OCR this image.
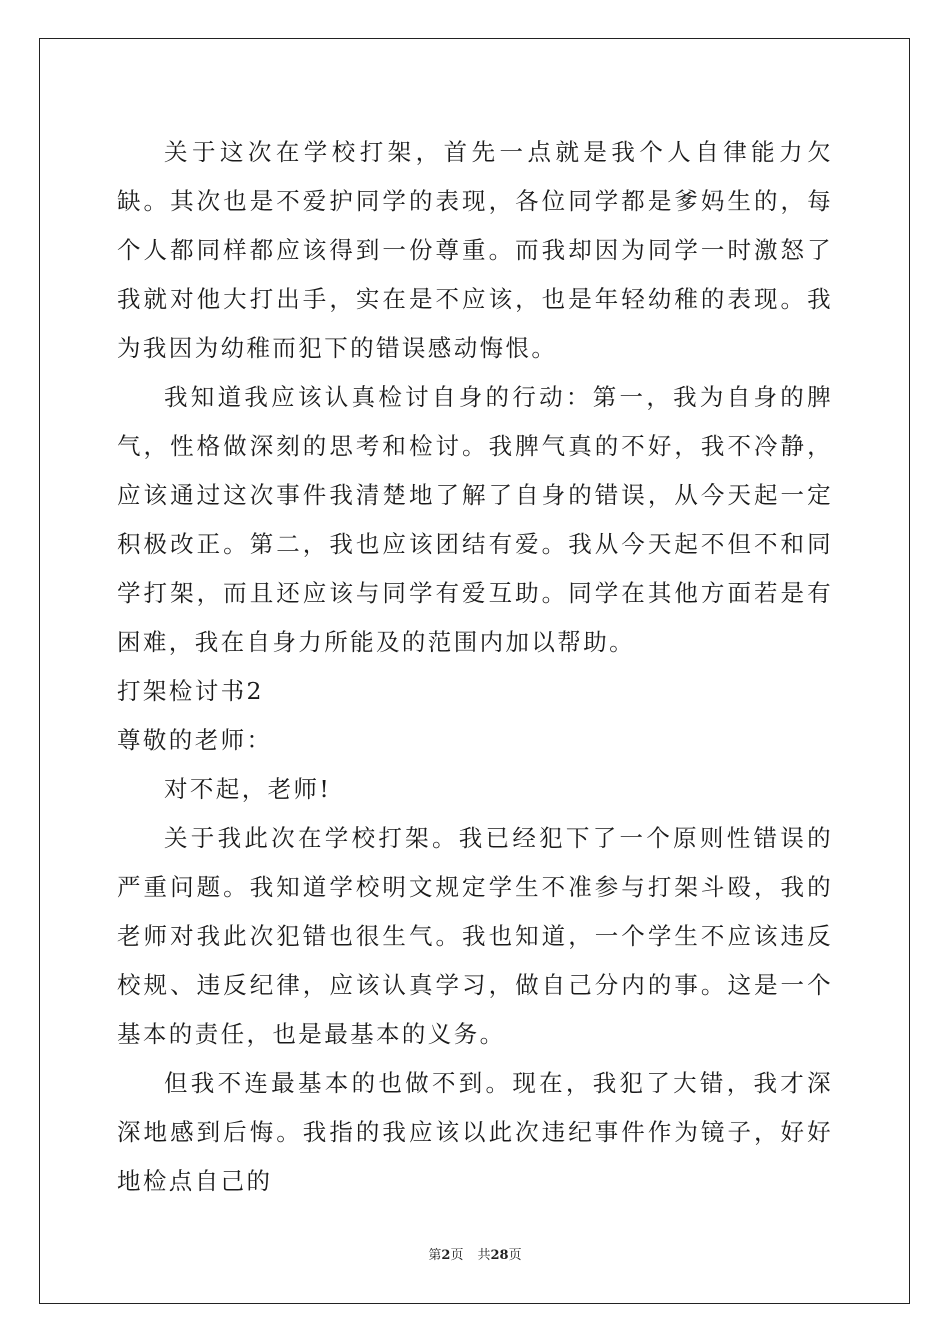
关于这次在学校打架，首先一点就是我个人自律能力欠缺。其次也是不爱护同学的表现，各位同学都是爹妈生的，每个人都同样都应该得到一份尊重。而我却因为同学一时激怒了我就对他大打出手，实在是不应该，也是年轻幼稚的表现。我为我因为幼稚而犯下的错误感动悔恨。

我知道我应该认真检讨自身的行动：第一，我为自身的脾气，性格做深刻的思考和检讨。我脾气真的不好，我不冷静，应该通过这次事件我清楚地了解了自身的错误，从今天起一定积极改正。第二，我也应该团结有爱。我从今天起不但不和同学打架，而且还应该与同学有爱互助。同学在其他方面若是有困难，我在自身力所能及的范围内加以帮助。

打架检讨书2

尊敬的老师：

对不起，老师!

关于我此次在学校打架。我已经犯下了一个原则性错误的严重问题。我知道学校明文规定学生不准参与打架斗殴，我的老师对我此次犯错也很生气。我也知道，一个学生不应该违反校规、违反纪律，应该认真学习，做自己分内的事。这是一个基本的责任，也是最基本的义务。

但我不连最基本的也做不到。现在，我犯了大错，我才深深地感到后悔。我指的我应该以此次违纪事件作为镜子，好好地检点自己的

第2页 共28页
